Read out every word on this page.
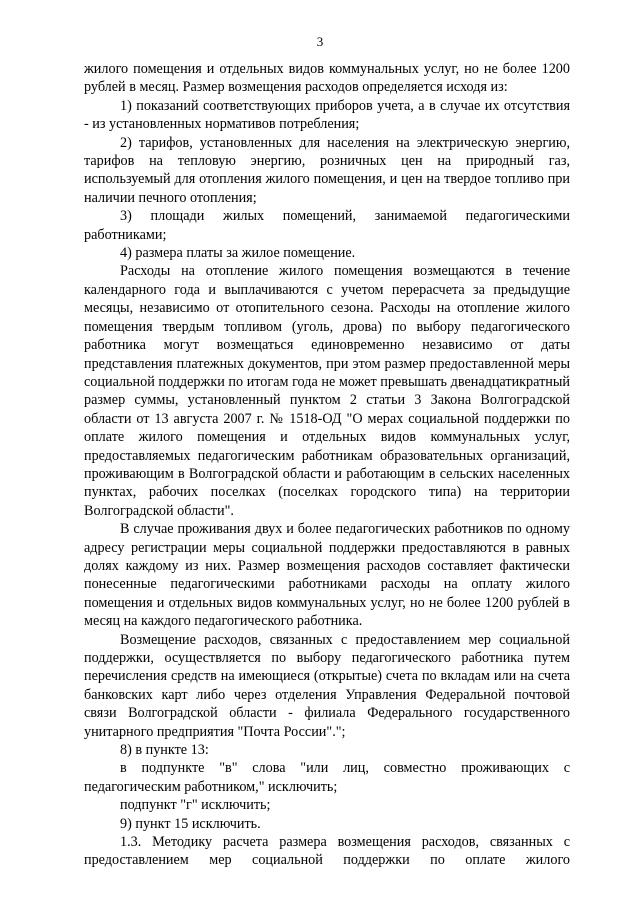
3

жилого помещения и отдельных видов коммунальных услуг, но не более 1200 рублей в месяц. Размер возмещения расходов определяется исходя из:

1) показаний соответствующих приборов учета, а в случае их отсутствия - из установленных нормативов потребления;

2) тарифов, установленных для населения на электрическую энергию, тарифов на тепловую энергию, розничных цен на природный газ, используемый для отопления жилого помещения, и цен на твердое топливо при наличии печного отопления;

3) площади жилых помещений, занимаемой педагогическими работниками;

4) размера платы за жилое помещение.

Расходы на отопление жилого помещения возмещаются в течение календарного года и выплачиваются с учетом перерасчета за предыдущие месяцы, независимо от отопительного сезона. Расходы на отопление жилого помещения твердым топливом (уголь, дрова) по выбору педагогического работника могут возмещаться единовременно независимо от даты представления платежных документов, при этом размер предоставленной меры социальной поддержки по итогам года не может превышать двенадцатикратный размер суммы, установленный пунктом 2 статьи 3 Закона Волгоградской области от 13 августа 2007 г. № 1518-ОД "О мерах социальной поддержки по оплате жилого помещения и отдельных видов коммунальных услуг, предоставляемых педагогическим работникам образовательных организаций, проживающим в Волгоградской области и работающим в сельских населенных пунктах, рабочих поселках (поселках городского типа) на территории Волгоградской области".

В случае проживания двух и более педагогических работников по одному адресу регистрации меры социальной поддержки предоставляются в равных долях каждому из них. Размер возмещения расходов составляет фактически понесенные педагогическими работниками расходы на оплату жилого помещения и отдельных видов коммунальных услуг, но не более 1200 рублей в месяц на каждого педагогического работника.

Возмещение расходов, связанных с предоставлением мер социальной поддержки, осуществляется по выбору педагогического работника путем перечисления средств на имеющиеся (открытые) счета по вкладам или на счета банковских карт либо через отделения Управления Федеральной почтовой связи Волгоградской области - филиала Федерального государственного унитарного предприятия "Почта России".";

8) в пункте 13:

в подпункте "в" слова "или лиц, совместно проживающих с педагогическим работником," исключить;

подпункт "г" исключить;

9) пункт 15 исключить.

1.3. Методику расчета размера возмещения расходов, связанных с предоставлением мер социальной поддержки по оплате жилого
